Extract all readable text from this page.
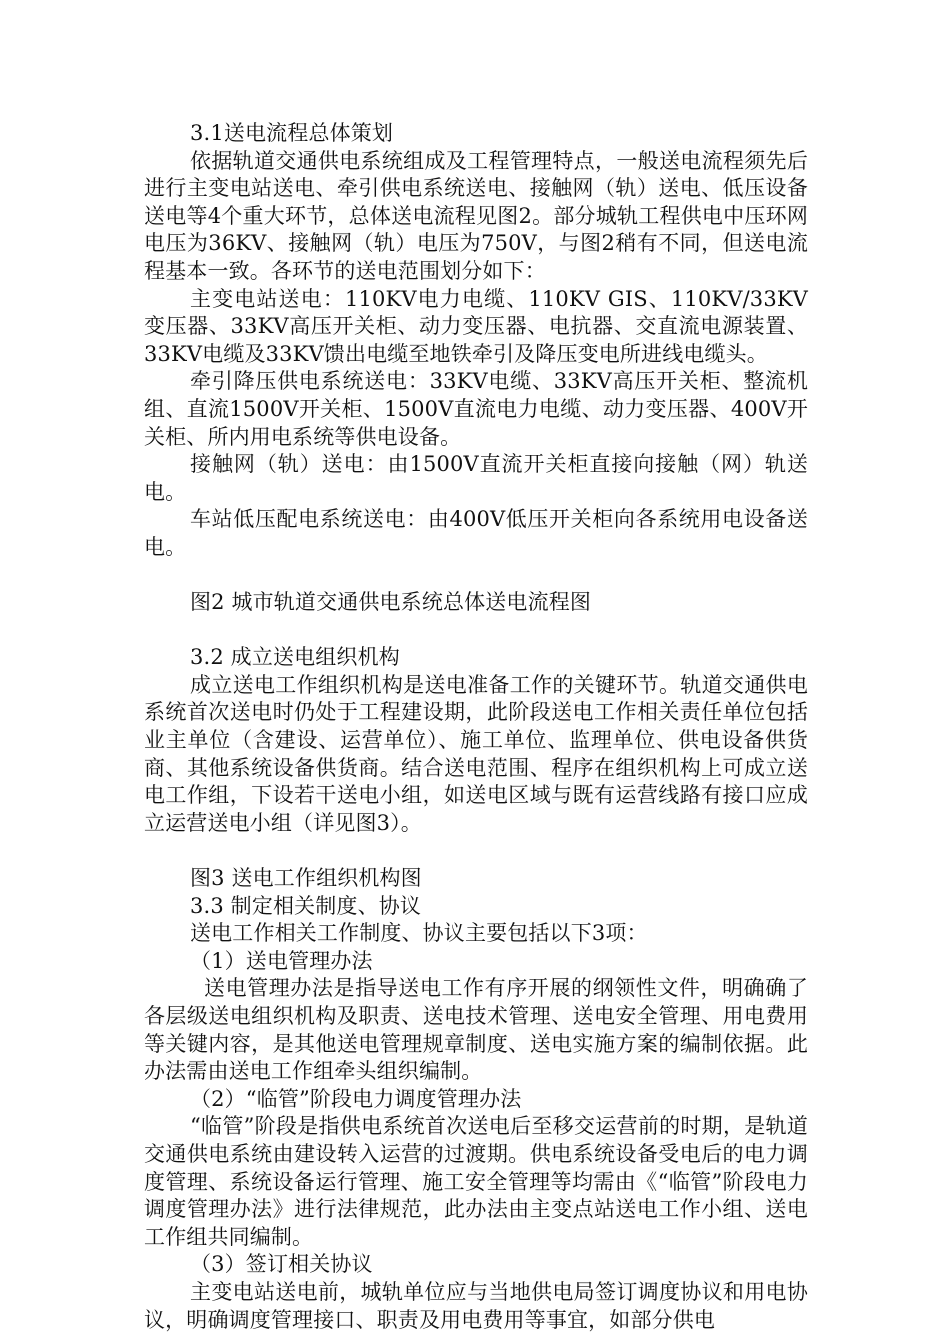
3.1送电流程总体策划

依据轨道交通供电系统组成及工程管理特点，一般送电流程须先后进行主变电站送电、牵引供电系统送电、接触网（轨）送电、低压设备送电等4个重大环节，总体送电流程见图2。部分城轨工程供电中压环网电压为36KV、接触网（轨）电压为750V，与图2稍有不同，但送电流程基本一致。各环节的送电范围划分如下：

主变电站送电：110KV电力电缆、110KV GIS、110KV/33KV变压器、33KV高压开关柜、动力变压器、电抗器、交直流电源装置、33KV电缆及33KV馈出电缆至地铁牵引及降压变电所进线电缆头。

牵引降压供电系统送电：33KV电缆、33KV高压开关柜、整流机组、直流1500V开关柜、1500V直流电力电缆、动力变压器、400V开关柜、所内用电系统等供电设备。

接触网（轨）送电：由1500V直流开关柜直接向接触（网）轨送电。

车站低压配电系统送电：由400V低压开关柜向各系统用电设备送电。

图2 城市轨道交通供电系统总体送电流程图

3.2 成立送电组织机构

成立送电工作组织机构是送电准备工作的关键环节。轨道交通供电系统首次送电时仍处于工程建设期，此阶段送电工作相关责任单位包括业主单位（含建设、运营单位）、施工单位、监理单位、供电设备供货商、其他系统设备供货商。结合送电范围、程序在组织机构上可成立送电工作组，下设若干送电小组，如送电区域与既有运营线路有接口应成立运营送电小组（详见图3）。

图3 送电工作组织机构图

3.3 制定相关制度、协议

送电工作相关工作制度、协议主要包括以下3项：

（1）送电管理办法

送电管理办法是指导送电工作有序开展的纲领性文件，明确确了各层级送电组织机构及职责、送电技术管理、送电安全管理、用电费用等关键内容，是其他送电管理规章制度、送电实施方案的编制依据。此办法需由送电工作组牵头组织编制。

（2）“临管”阶段电力调度管理办法

“临管”阶段是指供电系统首次送电后至移交运营前的时期，是轨道交通供电系统由建设转入运营的过渡期。供电系统设备受电后的电力调度管理、系统设备运行管理、施工安全管理等均需由《“临管”阶段电力调度管理办法》进行法律规范，此办法由主变点站送电工作小组、送电工作组共同编制。

（3）签订相关协议

主变电站送电前，城轨单位应与当地供电局签订调度协议和用电协议，明确调度管理接口、职责及用电费用等事宜，如部分供电
